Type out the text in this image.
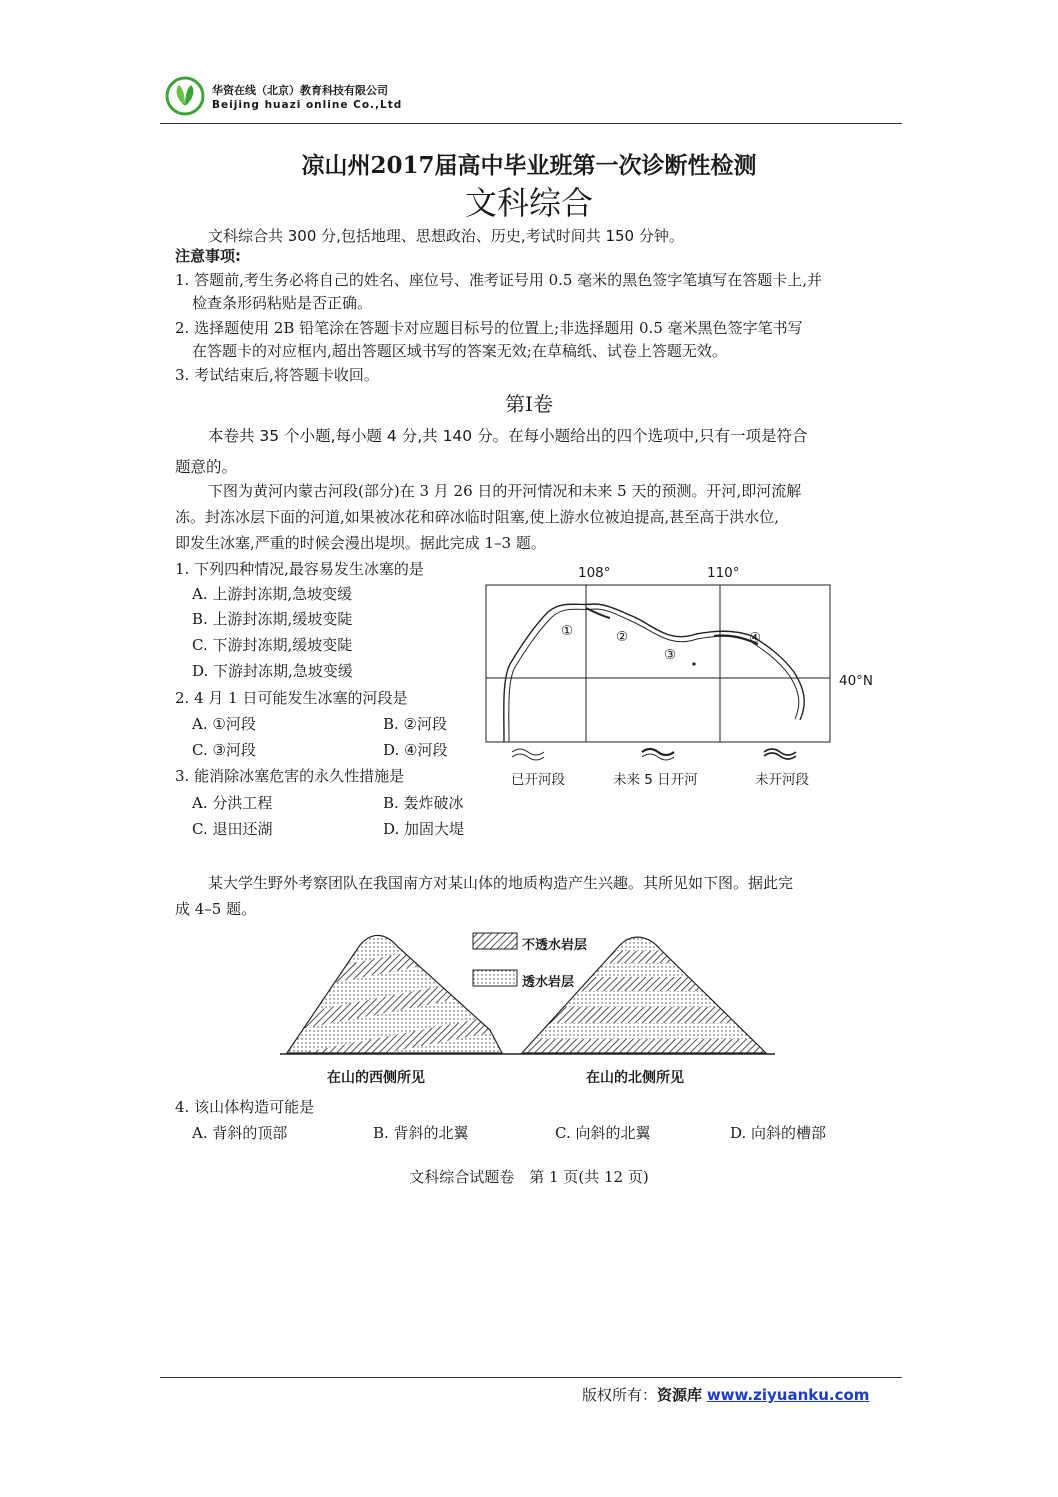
华资在线（北京）教育科技有限公司
Beijing huazi online Co.,Ltd
凉山州2017届高中毕业班第一次诊断性检测
文科综合
文科综合共 300 分,包括地理、思想政治、历史,考试时间共 150 分钟。
注意事项:
1. 答题前,考生务必将自己的姓名、座位号、准考证号用 0.5 毫米的黑色签字笔填写在答题卡上,并
检查条形码粘贴是否正确。
2. 选择题使用 2B 铅笔涂在答题卡对应题目标号的位置上;非选择题用 0.5 毫米黑色签字笔书写
在答题卡的对应框内,超出答题区域书写的答案无效;在草稿纸、试卷上答题无效。
3. 考试结束后,将答题卡收回。
第Ⅰ卷
本卷共 35 个小题,每小题 4 分,共 140 分。在每小题给出的四个选项中,只有一项是符合
题意的。
下图为黄河内蒙古河段(部分)在 3 月 26 日的开河情况和未来 5 天的预测。开河,即河流解
冻。封冻冰层下面的河道,如果被冰花和碎冰临时阻塞,使上游水位被迫提高,甚至高于洪水位,
即发生冰塞,严重的时候会漫出堤坝。据此完成 1–3 题。
1. 下列四种情况,最容易发生冰塞的是
A. 上游封冻期,急坡变缓
B. 上游封冻期,缓坡变陡
C. 下游封冻期,缓坡变陡
D. 下游封冻期,急坡变缓
2. 4 月 1 日可能发生冰塞的河段是
A. ①河段	B. ②河段
C. ③河段	D. ④河段
3. 能消除冰塞危害的永久性措施是
A. 分洪工程	B. 轰炸破冰
C. 退田还湖	D. 加固大堤
108°	110°
40°N
①	②
③
④
已开河段	未来 5 日开河	未开河段
某大学生野外考察团队在我国南方对某山体的地质构造产生兴趣。其所见如下图。据此完
成 4–5 题。
不透水岩层
透水岩层
在山的西侧所见	在山的北侧所见
4. 该山体构造可能是
A. 背斜的顶部	B. 背斜的北翼	C. 向斜的北翼	D. 向斜的槽部
文科综合试题卷　第 1 页(共 12 页)
版权所有：资源库 www.ziyuanku.com
